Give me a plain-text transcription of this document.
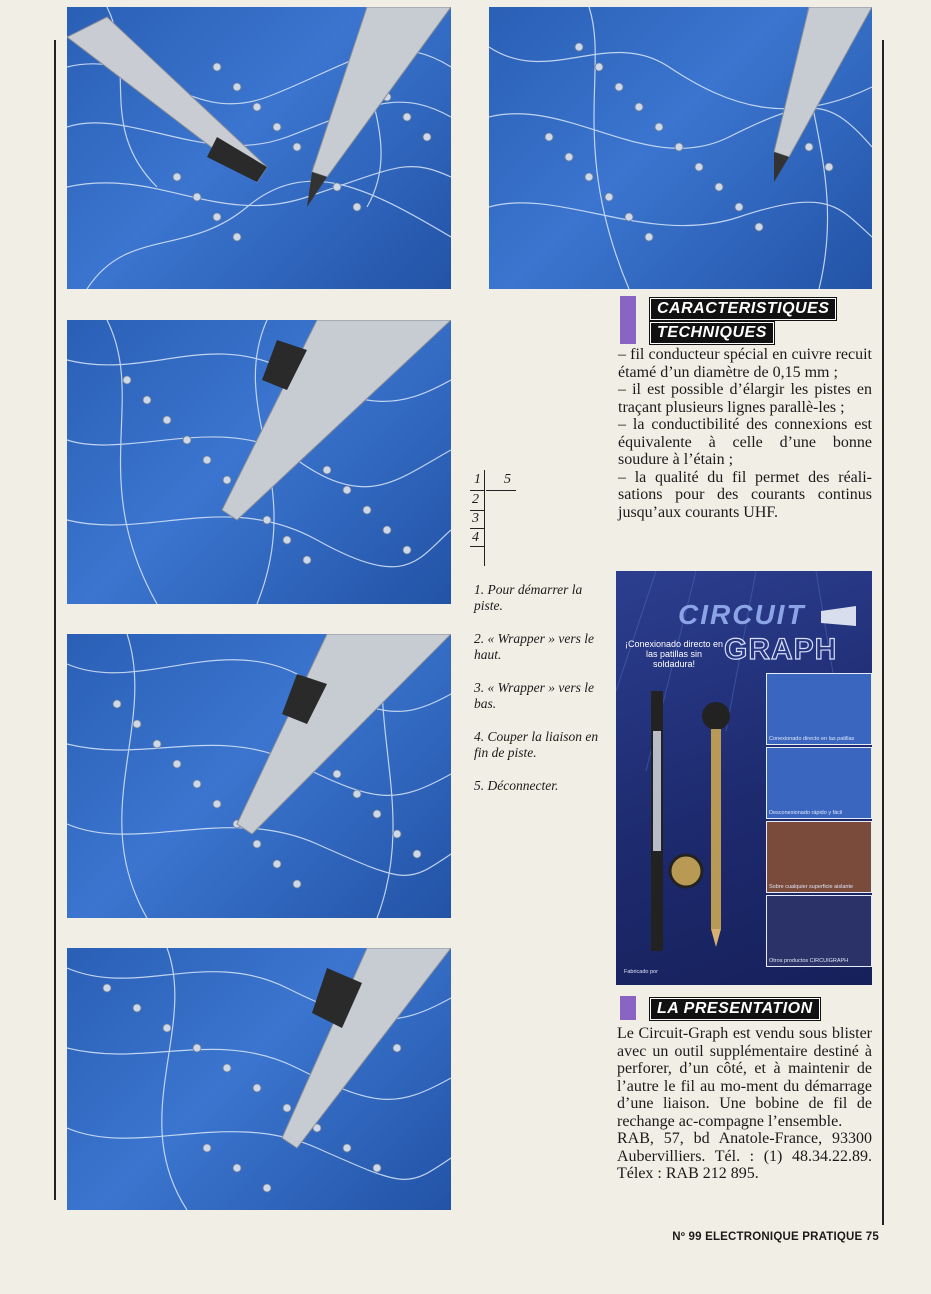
CARACTERISTIQUES
TECHNIQUES

– fil conducteur spécial en cuivre recuit étamé d’un diamètre de 0,15 mm ;

– il est possible d’élargir les pistes en traçant plusieurs lignes parallè-les ;

– la conductibilité des connexions est équivalente à celle d’une bonne soudure à l’étain ;

– la qualité du fil permet des réali-sations pour des courants continus jusqu’aux courants UHF.

1 5
2
3
4

1. Pour démarrer la piste.

2. « Wrapper » vers le haut.

3. « Wrapper » vers le bas.

4. Couper la liaison en fin de piste.

5. Déconnecter.

CIRCUIT
GRAPH
¡Conexionado directo en las patillas sin soldadura!
Conexionado directo en las patillas
Desconexionado rápido y fácil
Sobre cualquier superficie aislante
Otros productos CIRCUIGRAPH
Fabricado por
LA PRESENTATION

Le Circuit-Graph est vendu sous blister avec un outil supplémentaire destiné à perforer, d’un côté, et à maintenir de l’autre le fil au mo-ment du démarrage d’une liaison. Une bobine de fil de rechange ac-compagne l’ensemble.

RAB, 57, bd Anatole-France, 93300 Aubervilliers. Tél. : (1) 48.34.22.89. Télex : RAB 212 895.

Nº 99 ELECTRONIQUE PRATIQUE 75
